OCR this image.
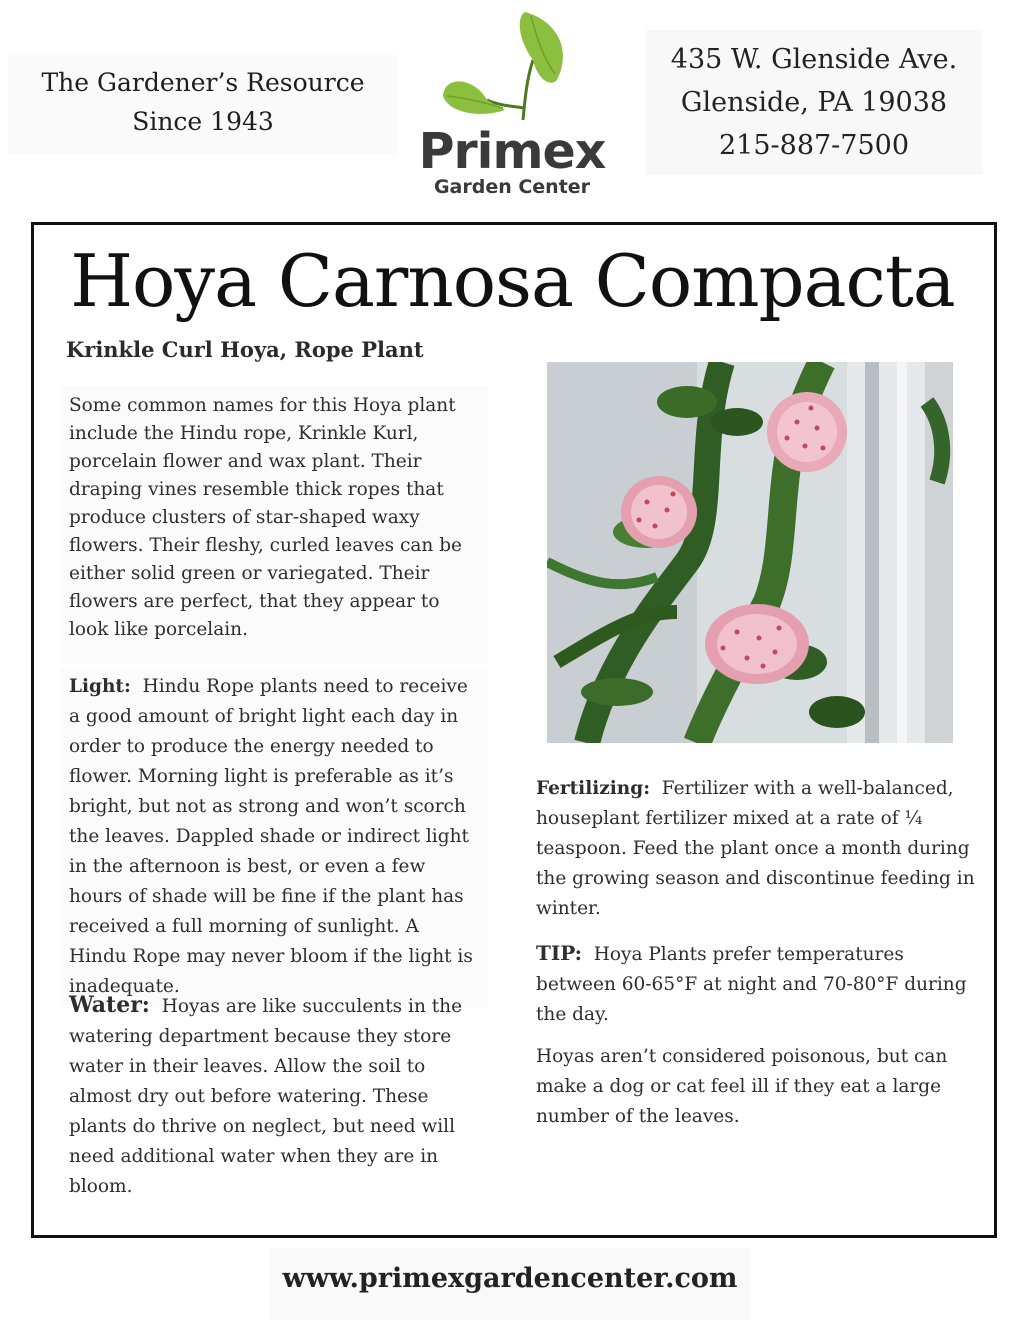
The Gardener’s Resource
Since 1943
Primex
Garden Center
435 W. Glenside Ave.
Glenside, PA 19038
215-887-7500
Hoya Carnosa Compacta
Krinkle Curl Hoya, Rope Plant
Some common names for this Hoya plant include the Hindu rope, Krinkle Kurl, porcelain flower and wax plant. Their draping vines resemble thick ropes that produce clusters of star-shaped waxy flowers. Their fleshy, curled leaves can be either solid green or variegated. Their flowers are perfect, that they appear to look like porcelain.
Light: Hindu Rope plants need to receive a good amount of bright light each day in order to produce the energy needed to flower. Morning light is preferable as it’s bright, but not as strong and won’t scorch the leaves. Dappled shade or indirect light in the afternoon is best, or even a few hours of shade will be fine if the plant has received a full morning of sunlight. A Hindu Rope may never bloom if the light is inadequate.
Water: Hoyas are like succulents in the watering department because they store water in their leaves. Allow the soil to almost dry out before watering. These plants do thrive on neglect, but need will need additional water when they are in bloom.
Fertilizing: Fertilizer with a well-balanced, houseplant fertilizer mixed at a rate of ¼ teaspoon. Feed the plant once a month during the growing season and discontinue feeding in winter.
TIP: Hoya Plants prefer temperatures between 60-65°F at night and 70-80°F during the day.
Hoyas aren’t considered poisonous, but can make a dog or cat feel ill if they eat a large number of the leaves.
www.primexgardencenter.com
